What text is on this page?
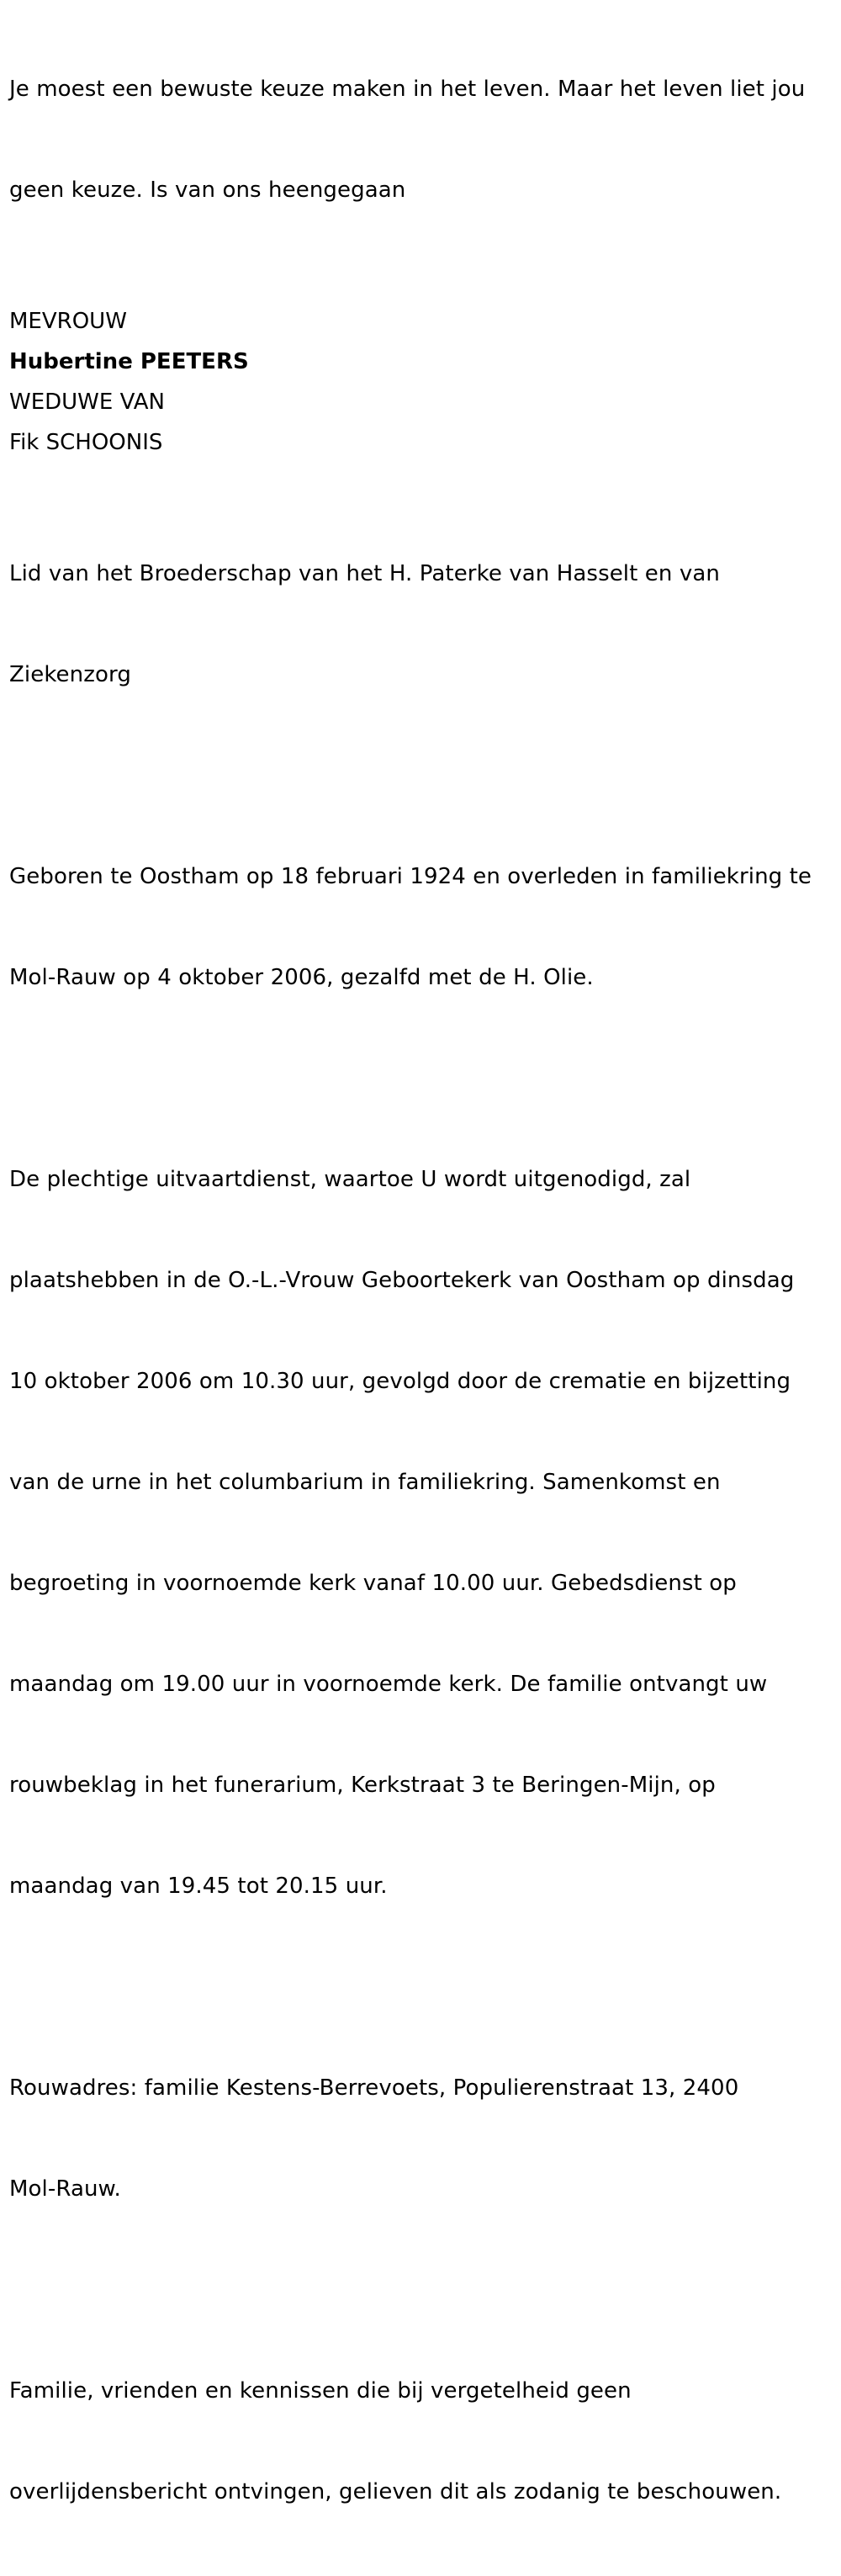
Je moest een bewuste keuze maken in het leven. Maar het leven liet jou

geen keuze. Is van ons heengegaan

MEVROUW

Hubertine PEETERS

WEDUWE VAN

Fik SCHOONIS

Lid van het Broederschap van het H. Paterke van Hasselt en van

Ziekenzorg

Geboren te Oostham op 18 februari 1924 en overleden in familiekring te

Mol-Rauw op 4 oktober 2006, gezalfd met de H. Olie.

De plechtige uitvaartdienst, waartoe U wordt uitgenodigd, zal

plaatshebben in de O.-L.-Vrouw Geboortekerk van Oostham op dinsdag

10 oktober 2006 om 10.30 uur, gevolgd door de crematie en bijzetting

van de urne in het columbarium in familiekring. Samenkomst en

begroeting in voornoemde kerk vanaf 10.00 uur. Gebedsdienst op

maandag om 19.00 uur in voornoemde kerk. De familie ontvangt uw

rouwbeklag in het funerarium, Kerkstraat 3 te Beringen-Mijn, op

maandag van 19.45 tot 20.15 uur.

Rouwadres: familie Kestens-Berrevoets, Populierenstraat 13, 2400

Mol-Rauw.

Familie, vrienden en kennissen die bij vergetelheid geen

overlijdensbericht ontvingen, gelieven dit als zodanig te beschouwen.
